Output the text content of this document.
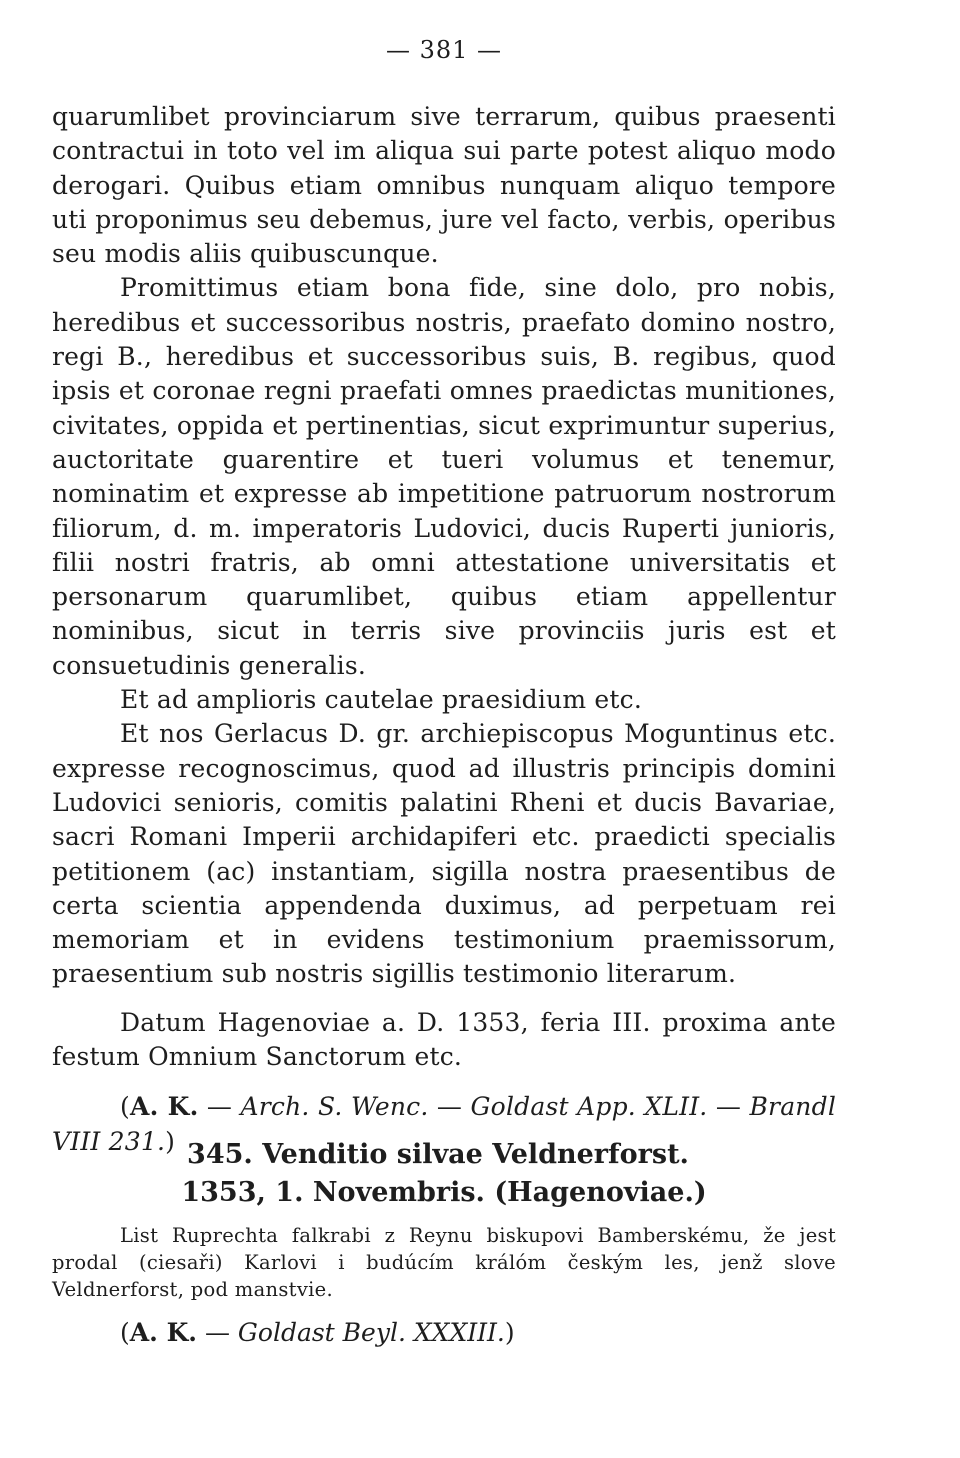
— 381 —

quarumlibet provinciarum sive terrarum, quibus praesenti contractui in toto vel im aliqua sui parte potest aliquo modo derogari. Quibus etiam omnibus nunquam aliquo tempore uti proponimus seu debemus, jure vel facto, verbis, operibus seu modis aliis quibuscunque.

Promittimus etiam bona fide, sine dolo, pro nobis, heredibus et successoribus nostris, praefato domino nostro, regi B., heredibus et successoribus suis, B. regibus, quod ipsis et coronae regni praefati omnes praedictas munitiones, civitates, oppida et pertinentias, sicut exprimuntur superius, auctoritate guarentire et tueri volumus et tenemur, nominatim et expresse ab impetitione patruorum nostrorum filiorum, d. m. imperatoris Ludovici, ducis Ruperti junioris, filii nostri fratris, ab omni attestatione universitatis et personarum quarumlibet, quibus etiam appellentur nominibus, sicut in terris sive provinciis juris est et consuetudinis generalis.

Et ad amplioris cautelae praesidium etc.

Et nos Gerlacus D. gr. archiepiscopus Moguntinus etc. expresse recognoscimus, quod ad illustris principis domini Ludovici senioris, comitis palatini Rheni et ducis Bavariae, sacri Romani Imperii archidapiferi etc. praedicti specialis petitionem (ac) instantiam, sigilla nostra praesentibus de certa scientia appendenda duximus, ad perpetuam rei memoriam et in evidens testimonium praemissorum, praesentium sub nostris sigillis testimonio literarum.

Datum Hagenoviae a. D. 1353, feria III. proxima ante festum Omnium Sanctorum etc.

(A. K. — Arch. S. Wenc. — Goldast App. XLII. — Brandl VIII 231.) 345. Venditio silvae Veldnerforst.
1353, 1. Novembris. (Hagenoviae.)
List Ruprechta falkrabi z Reynu biskupovi Bamberskému, že jest prodal (ciesaři) Karlovi i budúcím králóm českým les, jenž slove Veldnerforst, pod manstvie.
(A. K. — Goldast Beyl. XXXIII.)
